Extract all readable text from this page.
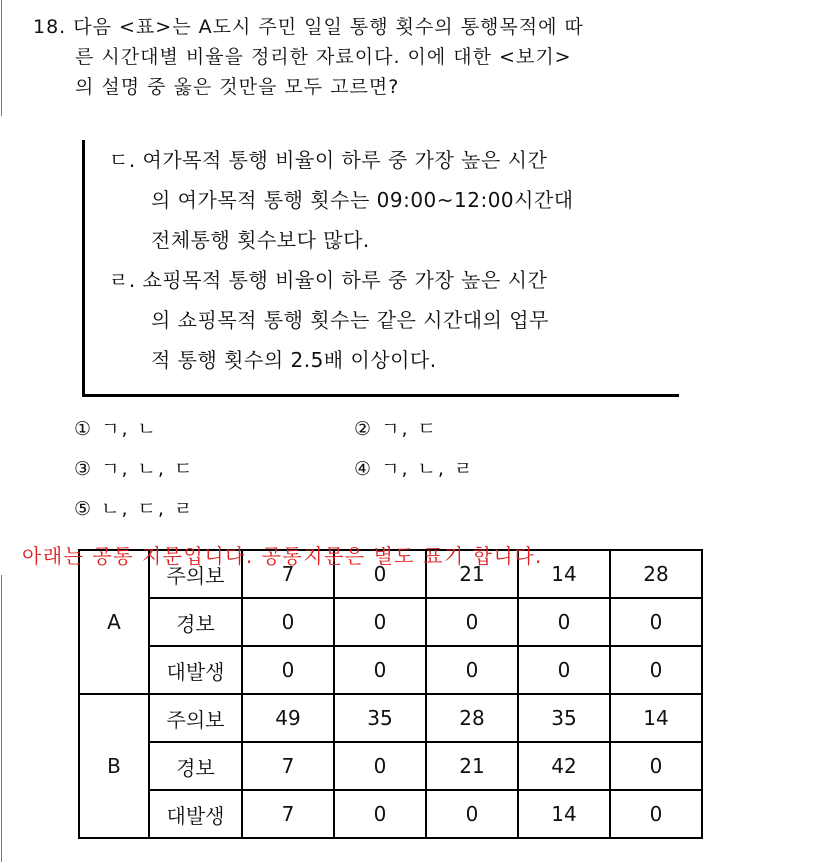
18. 다음 <표>는 A도시 주민 일일 통행 횟수의 통행목적에 따
른 시간대별 비율을 정리한 자료이다. 이에 대한 <보기>
의 설명 중 옳은 것만을 모두 고르면?
ㄷ. 여가목적 통행 비율이 하루 중 가장 높은 시간
의 여가목적 통행 횟수는 09:00~12:00시간대
전체통행 횟수보다 많다.
ㄹ. 쇼핑목적 통행 비율이 하루 중 가장 높은 시간
의 쇼핑목적 통행 횟수는 같은 시간대의 업무
적 통행 횟수의 2.5배 이상이다.
① ㄱ, ㄴ	② ㄱ, ㄷ
③ ㄱ, ㄴ, ㄷ	④ ㄱ, ㄴ, ㄹ
⑤ ㄴ, ㄷ, ㄹ
아래는 공통 지문입니다. 공통지문은 별도 표기 합니다.
A	주의보	7	0	21	14	28
	경보	0	0	0	0	0
	대발생	0	0	0	0	0
B	주의보	49	35	28	35	14
	경보	7	0	21	42	0
	대발생	7	0	0	14	0
